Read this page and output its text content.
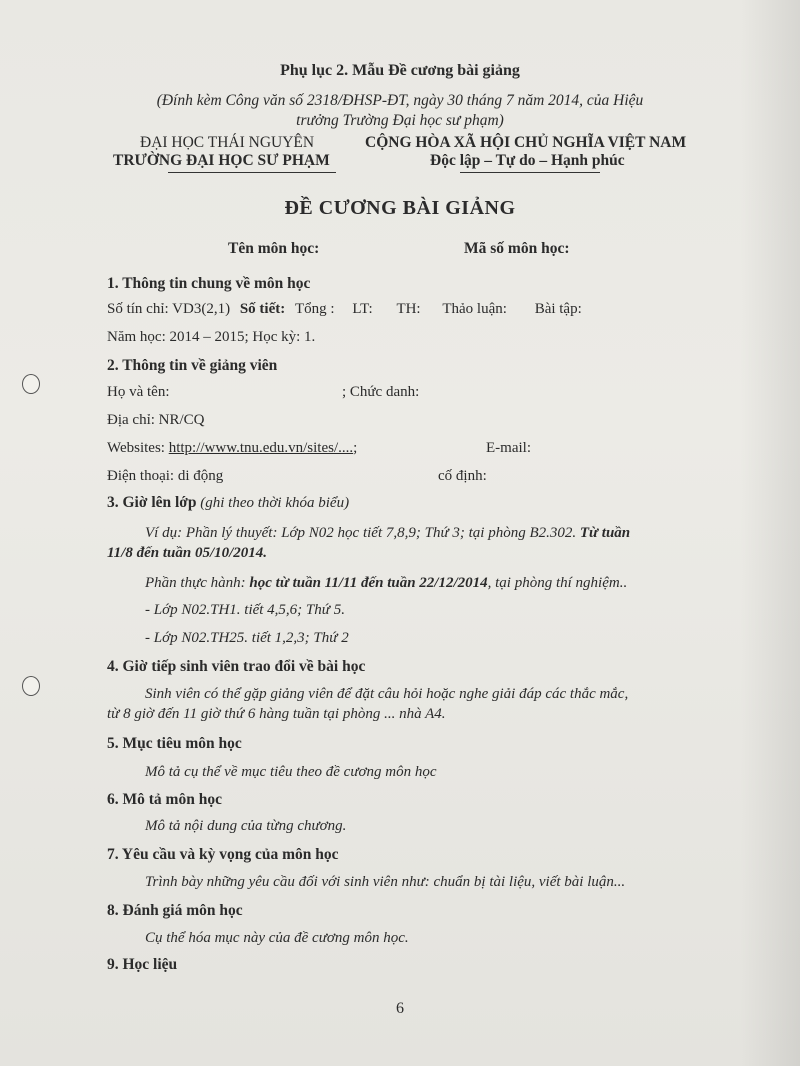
Phụ lục 2. Mẫu Đề cương bài giảng
(Đính kèm Công văn số 2318/ĐHSP-ĐT, ngày 30 tháng 7 năm 2014, của Hiệu
trưởng Trường Đại học sư phạm)
ĐẠI HỌC THÁI NGUYÊN
TRƯỜNG ĐẠI HỌC SƯ PHẠM
CỘNG HÒA XÃ HỘI CHỦ NGHĨA VIỆT NAM
Độc lập – Tự do – Hạnh phúc
ĐỀ CƯƠNG BÀI GIẢNG
Tên môn học:	Mã số môn học:
1. Thông tin chung về môn học
Số tín chỉ: VD3(2,1) Số tiết: Tổng : LT: TH: Thảo luận: Bài tập:
Năm học: 2014 – 2015; Học kỳ: 1.
2. Thông tin về giảng viên
Họ và tên:	; Chức danh:
Địa chỉ: NR/CQ
Websites: http://www.tnu.edu.vn/sites/....;	E-mail:
Điện thoại: di động	cố định:
3. Giờ lên lớp (ghi theo thời khóa biểu)
Ví dụ: Phần lý thuyết: Lớp N02 học tiết 7,8,9; Thứ 3; tại phòng B2.302. Từ tuần
11/8 đến tuần 05/10/2014.
Phần thực hành: học từ tuần 11/11 đến tuần 22/12/2014, tại phòng thí nghiệm..
- Lớp N02.TH1. tiết 4,5,6; Thứ 5.
- Lớp N02.TH25. tiết 1,2,3; Thứ 2
4. Giờ tiếp sinh viên trao đổi về bài học
Sinh viên có thể gặp giảng viên để đặt câu hỏi hoặc nghe giải đáp các thắc mắc,
từ 8 giờ đến 11 giờ thứ 6 hàng tuần tại phòng ... nhà A4.
5. Mục tiêu môn học
Mô tả cụ thể về mục tiêu theo đề cương môn học
6. Mô tả môn học
Mô tả nội dung của từng chương.
7. Yêu cầu và kỳ vọng của môn học
Trình bày những yêu cầu đối với sinh viên như: chuẩn bị tài liệu, viết bài luận...
8. Đánh giá môn học
Cụ thể hóa mục này của đề cương môn học.
9. Học liệu
6
